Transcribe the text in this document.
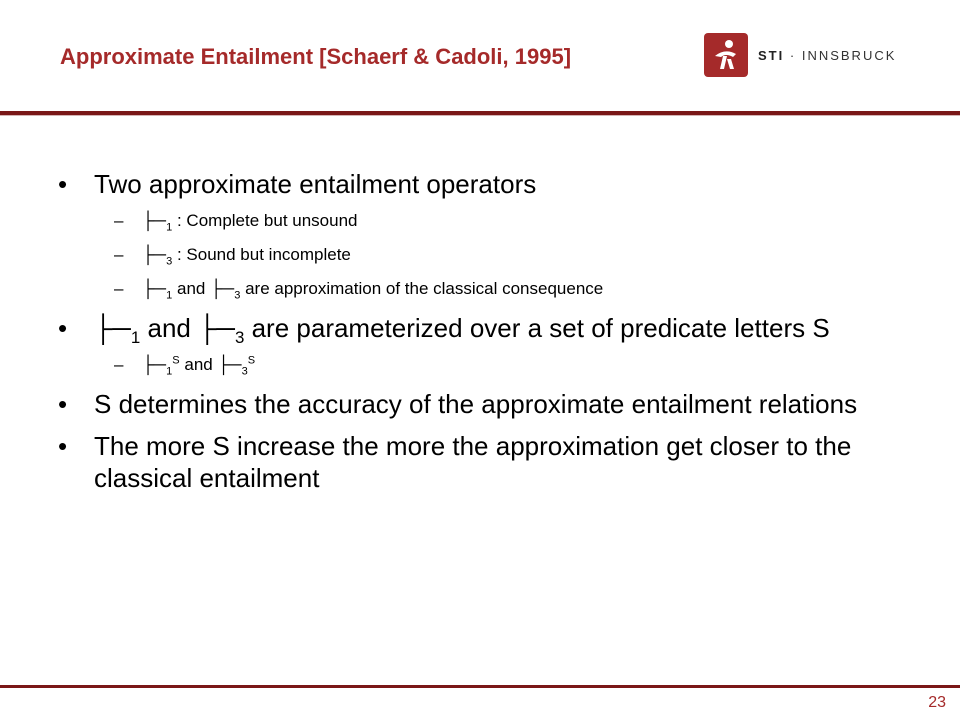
Approximate Entailment [Schaerf & Cadoli, 1995]	STI · INNSBRUCK
• Two approximate entailment operators
– $├─_1$ : Complete but unsound
– $├─_3$ : Sound but incomplete
– $├─_1$ and $├─_3$ are approximation of the classical consequence
• $├─_1$ and $├─_3$ are parameterized over a set of predicate letters S
– $├─_1^S$ and $├─_3^S$
• S determines the accuracy of the approximate entailment relations
• The more S increase the more the approximation get closer to the classical entailment
23
